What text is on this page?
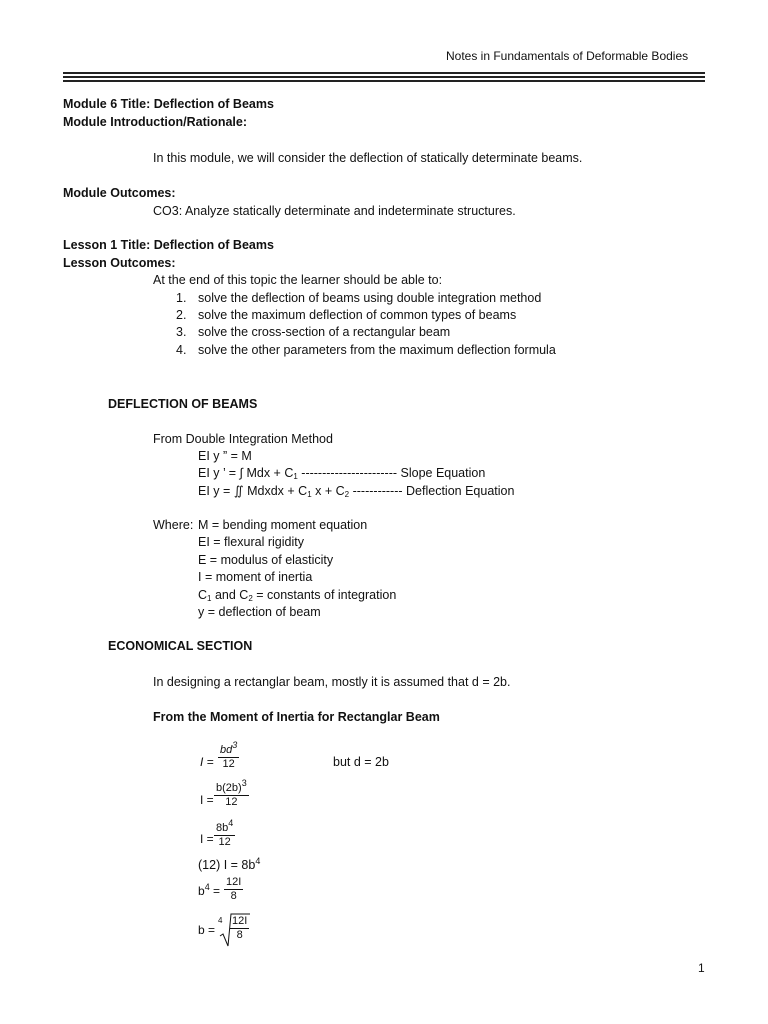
Notes in Fundamentals of Deformable Bodies
Module 6 Title: Deflection of Beams
Module Introduction/Rationale:
In this module, we will consider the deflection of statically determinate beams.
Module Outcomes:
CO3: Analyze statically determinate and indeterminate structures.
Lesson 1 Title: Deflection of Beams
Lesson Outcomes:
At the end of this topic the learner should be able to:
1. solve the deflection of beams using double integration method
2. solve the maximum deflection of common types of beams
3. solve the cross-section of a rectangular beam
4. solve the other parameters from the maximum deflection formula
DEFLECTION OF BEAMS
From Double Integration Method
EI y ” = M
EI y ’ = ∫ Mdx + $C_1$ ----------------------- Slope Equation
EI y = ∬ Mdxdx + $C_1$ $x + C_2$ ------------ Deflection Equation
Where: M = bending moment equation
EI = flexural rigidity
E = modulus of elasticity
I = moment of inertia
$C_1$ and $C_2$ = constants of integration
y = deflection of beam
ECONOMICAL SECTION
In designing a rectanglar beam, mostly it is assumed that d = 2b.
From the Moment of Inertia for Rectanglar Beam
$I = \frac{bd^3}{12}$	but d = 2b
$I = \frac{b(2b)^3}{12}$
$I = \frac{8b^4}{12}$
(12) $I = 8b^4$
$b^4 = \frac{12I}{8}$
b =
$4 \frac{12I}{8}$
1
